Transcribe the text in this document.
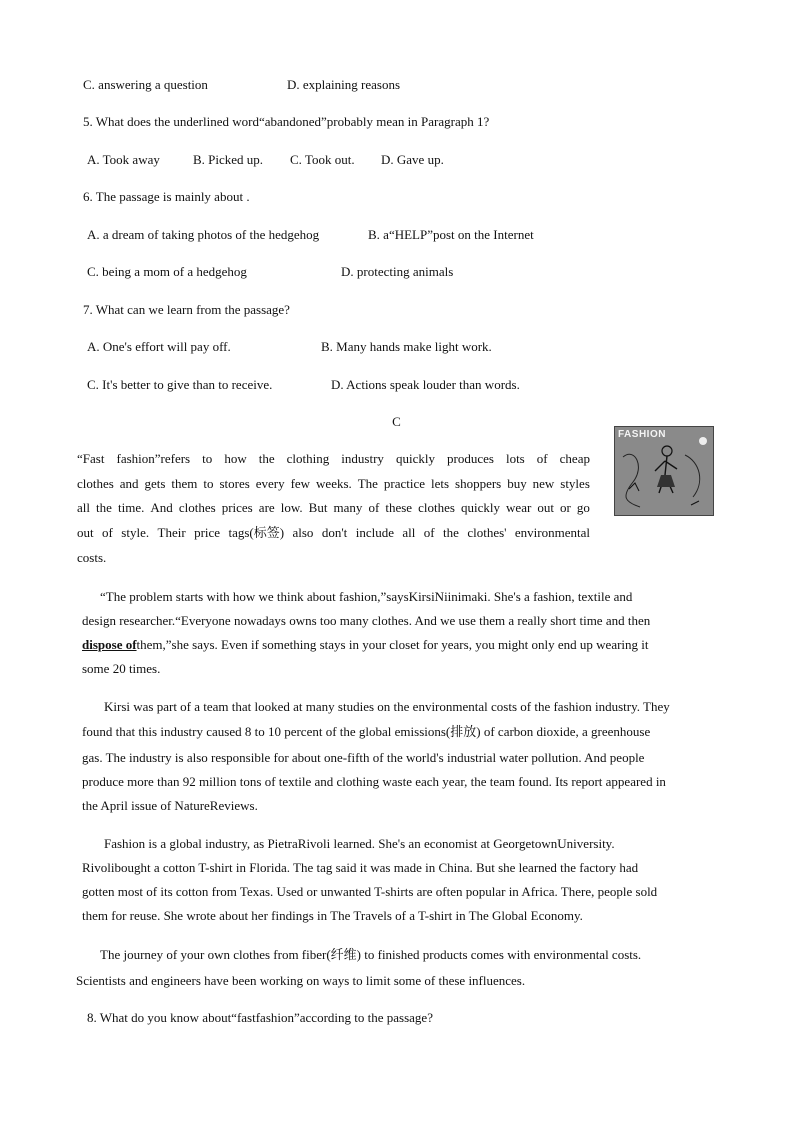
C. answering a question	D. explaining reasons
5. What does the underlined word“abandoned”probably mean in Paragraph 1?
A. Took away	B. Picked up. C. Took out. D. Gave up.
6. The passage is mainly about .
A. a dream of taking photos of the hedgehog	B. a“HELP”post on the Internet
C. being a mom of a hedgehog	D. protecting animals
7. What can we learn from the passage?
A. One's effort will pay off.	B. Many hands make light work.
C. It's better to give than to receive.	D. Actions speak louder than words.
C
FASHION
“Fast fashion”refers to how the clothing industry quickly produces lots of cheap
clothes and gets them to stores every few weeks. The practice lets shoppers buy new styles
all the time. And clothes prices are low. But many of these clothes quickly wear out or go
out of style. Their price tags(标签) also don't include all of the clothes' environmental
costs.
“The problem starts with how we think about fashion,”saysKirsiNiinimaki. She's a fashion, textile and
design researcher.“Everyone nowadays owns too many clothes. And we use them a really short time and then
dispose ofthem,”she says. Even if something stays in your closet for years, you might only end up wearing it
some 20 times.
Kirsi was part of a team that looked at many studies on the environmental costs of the fashion industry. They
found that this industry caused 8 to 10 percent of the global emissions(排放) of carbon dioxide, a greenhouse
gas. The industry is also responsible for about one-fifth of the world's industrial water pollution. And people
produce more than 92 million tons of textile and clothing waste each year, the team found. Its report appeared in
the April issue of NatureReviews.
Fashion is a global industry, as PietraRivoli learned. She's an economist at GeorgetownUniversity.
Rivolibought a cotton T-shirt in Florida. The tag said it was made in China. But she learned the factory had
gotten most of its cotton from Texas. Used or unwanted T-shirts are often popular in Africa. There, people sold
them for reuse. She wrote about her findings in The Travels of a T-shirt in The Global Economy.
The journey of your own clothes from fiber(纤维) to finished products comes with environmental costs.
Scientists and engineers have been working on ways to limit some of these influences.
8. What do you know about“fastfashion”according to the passage?
